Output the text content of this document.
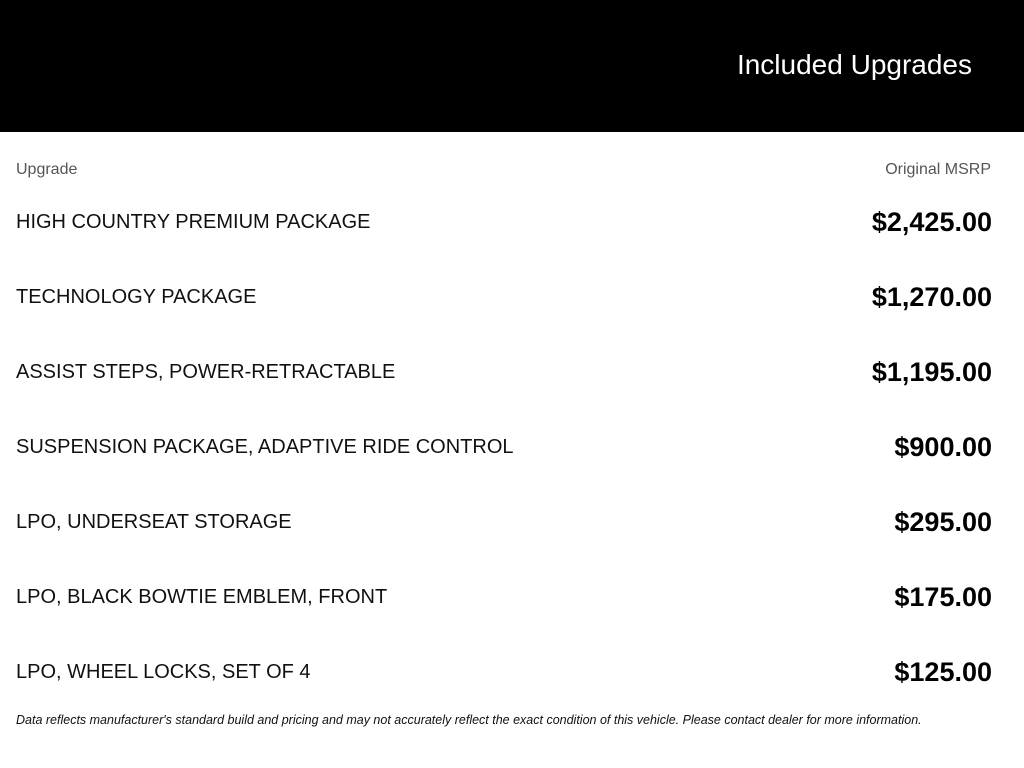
Included Upgrades
Upgrade	Original MSRP
HIGH COUNTRY PREMIUM PACKAGE	$2,425.00
TECHNOLOGY PACKAGE	$1,270.00
ASSIST STEPS, POWER-RETRACTABLE	$1,195.00
SUSPENSION PACKAGE, ADAPTIVE RIDE CONTROL	$900.00
LPO, UNDERSEAT STORAGE	$295.00
LPO, BLACK BOWTIE EMBLEM, FRONT	$175.00
LPO, WHEEL LOCKS, SET OF 4	$125.00
Data reflects manufacturer's standard build and pricing and may not accurately reflect the exact condition of this vehicle. Please contact dealer for more information.
